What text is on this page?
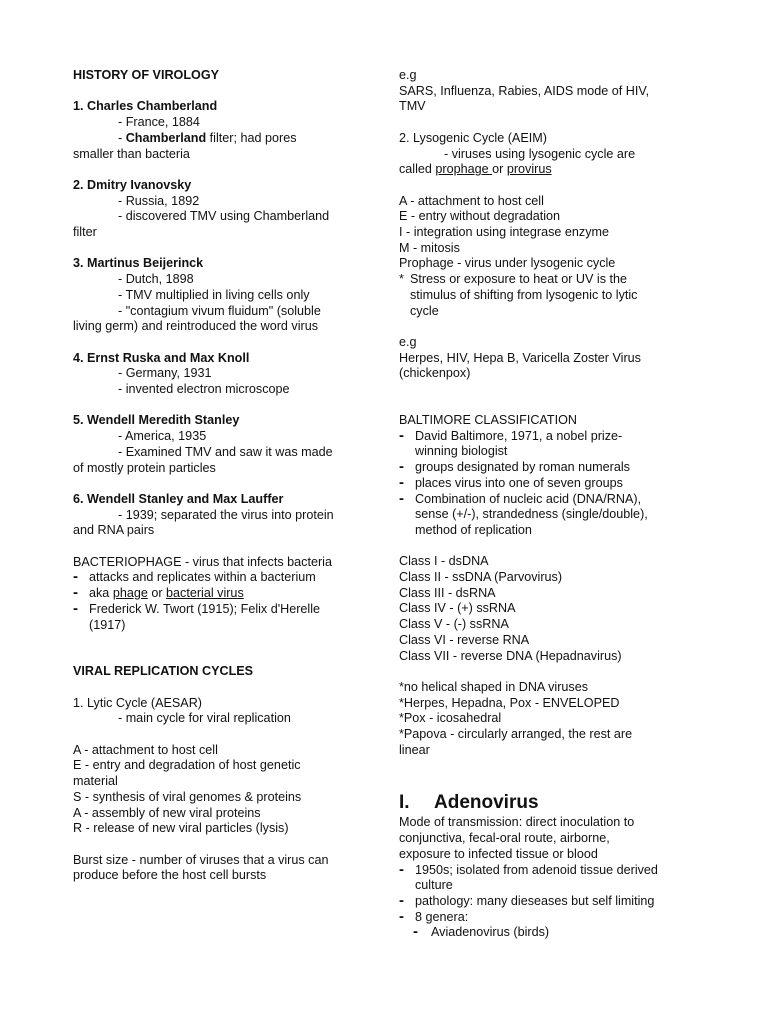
HISTORY OF VIROLOGY
1. Charles Chamberland
- France, 1884
- Chamberland filter; had pores
smaller than bacteria
2. Dmitry Ivanovsky
- Russia, 1892
- discovered TMV using Chamberland
filter
3. Martinus Beijerinck
- Dutch, 1898
- TMV multiplied in living cells only
- "contagium vivum fluidum" (soluble
living germ) and reintroduced the word virus
4. Ernst Ruska and Max Knoll
- Germany, 1931
- invented electron microscope
5. Wendell Meredith Stanley
- America, 1935
- Examined TMV and saw it was made
of mostly protein particles
6. Wendell Stanley and Max Lauffer
- 1939; separated the virus into protein
and RNA pairs
BACTERIOPHAGE - virus that infects bacteria
- attacks and replicates within a bacterium
- aka phage or bacterial virus
- Frederick W. Twort (1915); Felix d'Herelle
(1917)
VIRAL REPLICATION CYCLES
1. Lytic Cycle (AESAR)
- main cycle for viral replication
A - attachment to host cell
E - entry and degradation of host genetic
material
S - synthesis of viral genomes & proteins
A - assembly of new viral proteins
R - release of new viral particles (lysis)
Burst size - number of viruses that a virus can
produce before the host cell bursts
e.g
SARS, Influenza, Rabies, AIDS mode of HIV,
TMV
2. Lysogenic Cycle (AEIM)
- viruses using lysogenic cycle are
called prophage or provirus
A - attachment to host cell
E - entry without degradation
I - integration using integrase enzyme
M - mitosis
Prophage - virus under lysogenic cycle
* Stress or exposure to heat or UV is the
stimulus of shifting from lysogenic to lytic
cycle
e.g
Herpes, HIV, Hepa B, Varicella Zoster Virus
(chickenpox)
BALTIMORE CLASSIFICATION
- David Baltimore, 1971, a nobel prize-
winning biologist
- groups designated by roman numerals
- places virus into one of seven groups
- Combination of nucleic acid (DNA/RNA),
sense (+/-), strandedness (single/double),
method of replication
Class I - dsDNA
Class II - ssDNA (Parvovirus)
Class III - dsRNA
Class IV - (+) ssRNA
Class V - (-) ssRNA
Class VI - reverse RNA
Class VII - reverse DNA (Hepadnavirus)
*no helical shaped in DNA viruses
*Herpes, Hepadna, Pox - ENVELOPED
*Pox - icosahedral
*Papova - circularly arranged, the rest are
linear
I. Adenovirus
Mode of transmission: direct inoculation to
conjunctiva, fecal-oral route, airborne,
exposure to infected tissue or blood
- 1950s; isolated from adenoid tissue derived
culture
- pathology: many dieseases but self limiting
- 8 genera:
- Aviadenovirus (birds)
